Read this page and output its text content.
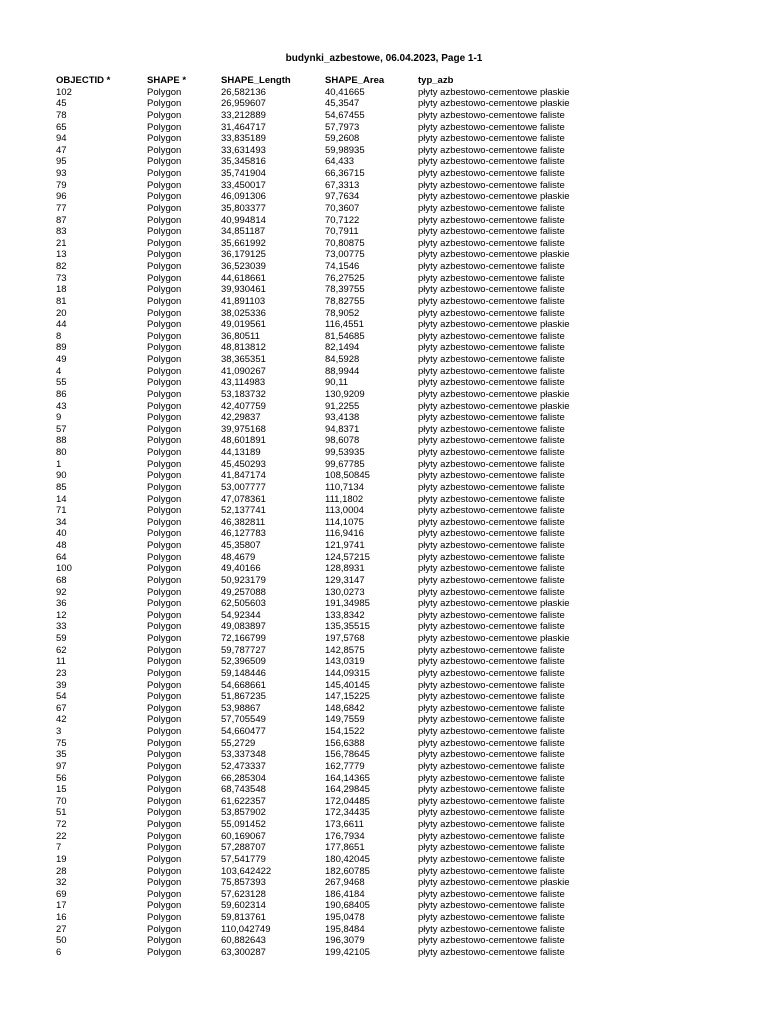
budynki_azbestowe, 06.04.2023, Page 1-1
OBJECTID *	SHAPE *	SHAPE_Length	SHAPE_Area	typ_azb
102	Polygon	26,582136	40,41665	płyty azbestowo-cementowe płaskie
45	Polygon	26,959607	45,3547	płyty azbestowo-cementowe płaskie
78	Polygon	33,212889	54,67455	płyty azbestowo-cementowe faliste
65	Polygon	31,464717	57,7973	płyty azbestowo-cementowe faliste
94	Polygon	33,835189	59,2608	płyty azbestowo-cementowe faliste
47	Polygon	33,631493	59,98935	płyty azbestowo-cementowe faliste
95	Polygon	35,345816	64,433	płyty azbestowo-cementowe faliste
93	Polygon	35,741904	66,36715	płyty azbestowo-cementowe faliste
79	Polygon	33,450017	67,3313	płyty azbestowo-cementowe faliste
96	Polygon	46,091306	97,7634	płyty azbestowo-cementowe płaskie
77	Polygon	35,803377	70,3607	płyty azbestowo-cementowe faliste
87	Polygon	40,994814	70,7122	płyty azbestowo-cementowe faliste
83	Polygon	34,851187	70,7911	płyty azbestowo-cementowe faliste
21	Polygon	35,661992	70,80875	płyty azbestowo-cementowe faliste
13	Polygon	36,179125	73,00775	płyty azbestowo-cementowe płaskie
82	Polygon	36,523039	74,1546	płyty azbestowo-cementowe faliste
73	Polygon	44,618661	76,27525	płyty azbestowo-cementowe faliste
18	Polygon	39,930461	78,39755	płyty azbestowo-cementowe faliste
81	Polygon	41,891103	78,82755	płyty azbestowo-cementowe faliste
20	Polygon	38,025336	78,9052	płyty azbestowo-cementowe faliste
44	Polygon	49,019561	116,4551	płyty azbestowo-cementowe płaskie
8	Polygon	36,80511	81,54685	płyty azbestowo-cementowe faliste
89	Polygon	48,813812	82,1494	płyty azbestowo-cementowe faliste
49	Polygon	38,365351	84,5928	płyty azbestowo-cementowe faliste
4	Polygon	41,090267	88,9944	płyty azbestowo-cementowe faliste
55	Polygon	43,114983	90,11	płyty azbestowo-cementowe faliste
86	Polygon	53,183732	130,9209	płyty azbestowo-cementowe płaskie
43	Polygon	42,407759	91,2255	płyty azbestowo-cementowe płaskie
9	Polygon	42,29837	93,4138	płyty azbestowo-cementowe faliste
57	Polygon	39,975168	94,8371	płyty azbestowo-cementowe faliste
88	Polygon	48,601891	98,6078	płyty azbestowo-cementowe faliste
80	Polygon	44,13189	99,53935	płyty azbestowo-cementowe faliste
1	Polygon	45,450293	99,67785	płyty azbestowo-cementowe faliste
90	Polygon	41,847174	108,50845	płyty azbestowo-cementowe faliste
85	Polygon	53,007777	110,7134	płyty azbestowo-cementowe faliste
14	Polygon	47,078361	111,1802	płyty azbestowo-cementowe faliste
71	Polygon	52,137741	113,0004	płyty azbestowo-cementowe faliste
34	Polygon	46,382811	114,1075	płyty azbestowo-cementowe faliste
40	Polygon	46,127783	116,9416	płyty azbestowo-cementowe faliste
48	Polygon	45,35807	121,9741	płyty azbestowo-cementowe faliste
64	Polygon	48,4679	124,57215	płyty azbestowo-cementowe faliste
100	Polygon	49,40166	128,8931	płyty azbestowo-cementowe faliste
68	Polygon	50,923179	129,3147	płyty azbestowo-cementowe faliste
92	Polygon	49,257088	130,0273	płyty azbestowo-cementowe faliste
36	Polygon	62,505603	191,34985	płyty azbestowo-cementowe płaskie
12	Polygon	54,92344	133,8342	płyty azbestowo-cementowe faliste
33	Polygon	49,083897	135,35515	płyty azbestowo-cementowe faliste
59	Polygon	72,166799	197,5768	płyty azbestowo-cementowe płaskie
62	Polygon	59,787727	142,8575	płyty azbestowo-cementowe faliste
11	Polygon	52,396509	143,0319	płyty azbestowo-cementowe faliste
23	Polygon	59,148446	144,09315	płyty azbestowo-cementowe faliste
39	Polygon	54,668661	145,40145	płyty azbestowo-cementowe faliste
54	Polygon	51,867235	147,15225	płyty azbestowo-cementowe faliste
67	Polygon	53,98867	148,6842	płyty azbestowo-cementowe faliste
42	Polygon	57,705549	149,7559	płyty azbestowo-cementowe faliste
3	Polygon	54,660477	154,1522	płyty azbestowo-cementowe faliste
75	Polygon	55,2729	156,6388	płyty azbestowo-cementowe faliste
35	Polygon	53,337348	156,78645	płyty azbestowo-cementowe faliste
97	Polygon	52,473337	162,7779	płyty azbestowo-cementowe faliste
56	Polygon	66,285304	164,14365	płyty azbestowo-cementowe faliste
15	Polygon	68,743548	164,29845	płyty azbestowo-cementowe faliste
70	Polygon	61,622357	172,04485	płyty azbestowo-cementowe faliste
51	Polygon	53,857902	172,34435	płyty azbestowo-cementowe faliste
72	Polygon	55,091452	173,6611	płyty azbestowo-cementowe faliste
22	Polygon	60,169067	176,7934	płyty azbestowo-cementowe faliste
7	Polygon	57,288707	177,8651	płyty azbestowo-cementowe faliste
19	Polygon	57,541779	180,42045	płyty azbestowo-cementowe faliste
28	Polygon	103,642422	182,60785	płyty azbestowo-cementowe faliste
32	Polygon	75,857393	267,9468	płyty azbestowo-cementowe płaskie
69	Polygon	57,623128	186,4184	płyty azbestowo-cementowe faliste
17	Polygon	59,602314	190,68405	płyty azbestowo-cementowe faliste
16	Polygon	59,813761	195,0478	płyty azbestowo-cementowe faliste
27	Polygon	110,042749	195,8484	płyty azbestowo-cementowe faliste
50	Polygon	60,882643	196,3079	płyty azbestowo-cementowe faliste
6	Polygon	63,300287	199,42105	płyty azbestowo-cementowe faliste
